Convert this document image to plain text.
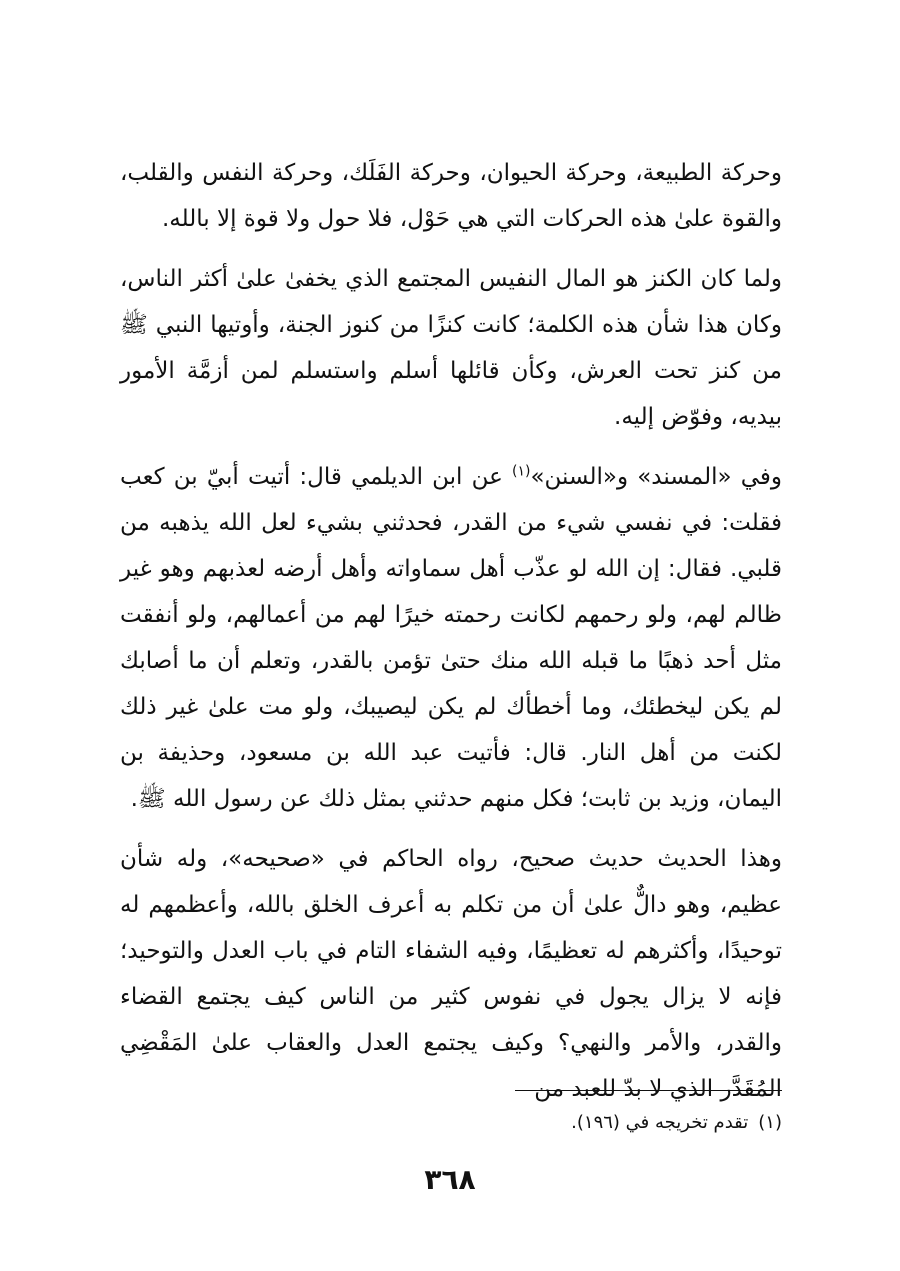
وحركة الطبيعة، وحركة الحيوان، وحركة الفَلَك، وحركة النفس والقلب، والقوة علىٰ هذه الحركات التي هي حَوْل، فلا حول ولا قوة إلا بالله.

ولما كان الكنز هو المال النفيس المجتمع الذي يخفىٰ علىٰ أكثر الناس، وكان هذا شأن هذه الكلمة؛ كانت كنزًا من كنوز الجنة، وأوتيها النبي ﷺ من كنز تحت العرش، وكأن قائلها أسلم واستسلم لمن أزمَّة الأمور بيديه، وفوّض إليه.

وفي «المسند» و«السنن»$^{(١)}$ عن ابن الديلمي قال: أتيت أبيّ بن كعب فقلت: في نفسي شيء من القدر، فحدثني بشيء لعل الله يذهبه من قلبي. فقال: إن الله لو عذّب أهل سماواته وأهل أرضه لعذبهم وهو غير ظالم لهم، ولو رحمهم لكانت رحمته خيرًا لهم من أعمالهم، ولو أنفقت مثل أحد ذهبًا ما قبله الله منك حتىٰ تؤمن بالقدر، وتعلم أن ما أصابك لم يكن ليخطئك، وما أخطأك لم يكن ليصيبك، ولو مت علىٰ غير ذلك لكنت من أهل النار. قال: فأتيت عبد الله بن مسعود، وحذيفة بن اليمان، وزيد بن ثابت؛ فكل منهم حدثني بمثل ذلك عن رسول الله ﷺ.

وهذا الحديث حديث صحيح، رواه الحاكم في «صحيحه»، وله شأن عظيم، وهو دالٌّ علىٰ أن من تكلم به أعرف الخلق بالله، وأعظمهم له توحيدًا، وأكثرهم له تعظيمًا، وفيه الشفاء التام في باب العدل والتوحيد؛ فإنه لا يزال يجول في نفوس كثير من الناس كيف يجتمع القضاء والقدر، والأمر والنهي؟ وكيف يجتمع العدل والعقاب علىٰ المَقْضِي المُقَدَّر الذي لا بدّ للعبد من

(١)تقدم تخريجه في (١٩٦).
٣٦٨
